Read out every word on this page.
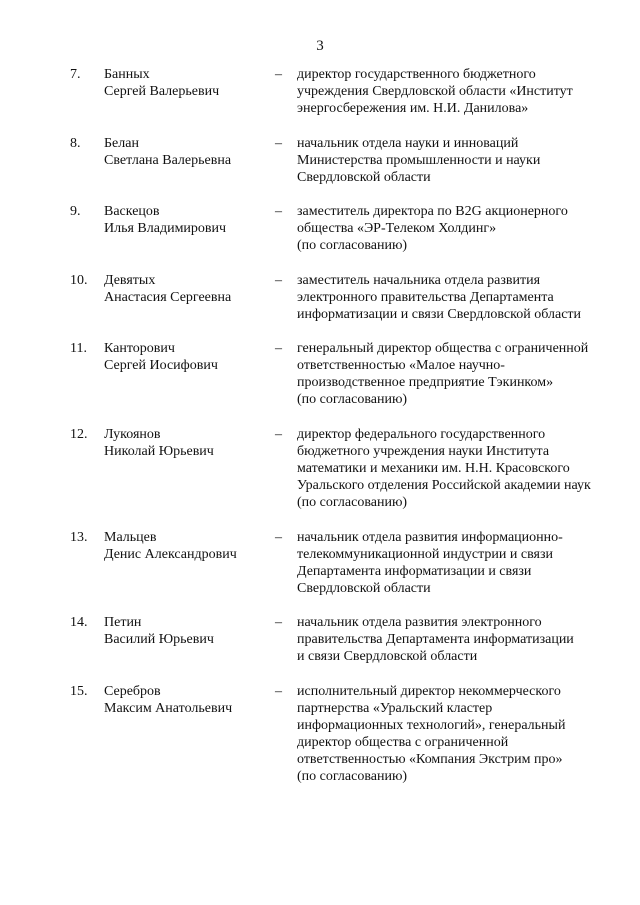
3
7. Банных
Сергей Валерьевич
– директор государственного бюджетного
учреждения Свердловской области «Институт
энергосбережения им. Н.И. Данилова»
8. Белан
Светлана Валерьевна
– начальник отдела науки и инноваций
Министерства промышленности и науки
Свердловской области
9. Васкецов
Илья Владимирович
– заместитель директора по B2G акционерного
общества «ЭР-Телеком Холдинг»
(по согласованию)
10. Девятых
Анастасия Сергеевна
– заместитель начальника отдела развития
электронного правительства Департамента
информатизации и связи Свердловской области
11. Канторович
Сергей Иосифович
– генеральный директор общества с ограниченной
ответственностью «Малое научно-
производственное предприятие Тэкинком»
(по согласованию)
12. Лукоянов
Николай Юрьевич
– директор федерального государственного
бюджетного учреждения науки Института
математики и механики им. Н.Н. Красовского
Уральского отделения Российской академии наук
(по согласованию)
13. Мальцев
Денис Александрович
– начальник отдела развития информационно-
телекоммуникационной индустрии и связи
Департамента информатизации и связи
Свердловской области
14. Петин
Василий Юрьевич
– начальник отдела развития электронного
правительства Департамента информатизации
и связи Свердловской области
15. Серебров
Максим Анатольевич
– исполнительный директор некоммерческого
партнерства «Уральский кластер
информационных технологий», генеральный
директор общества с ограниченной
ответственностью «Компания Экстрим про»
(по согласованию)
